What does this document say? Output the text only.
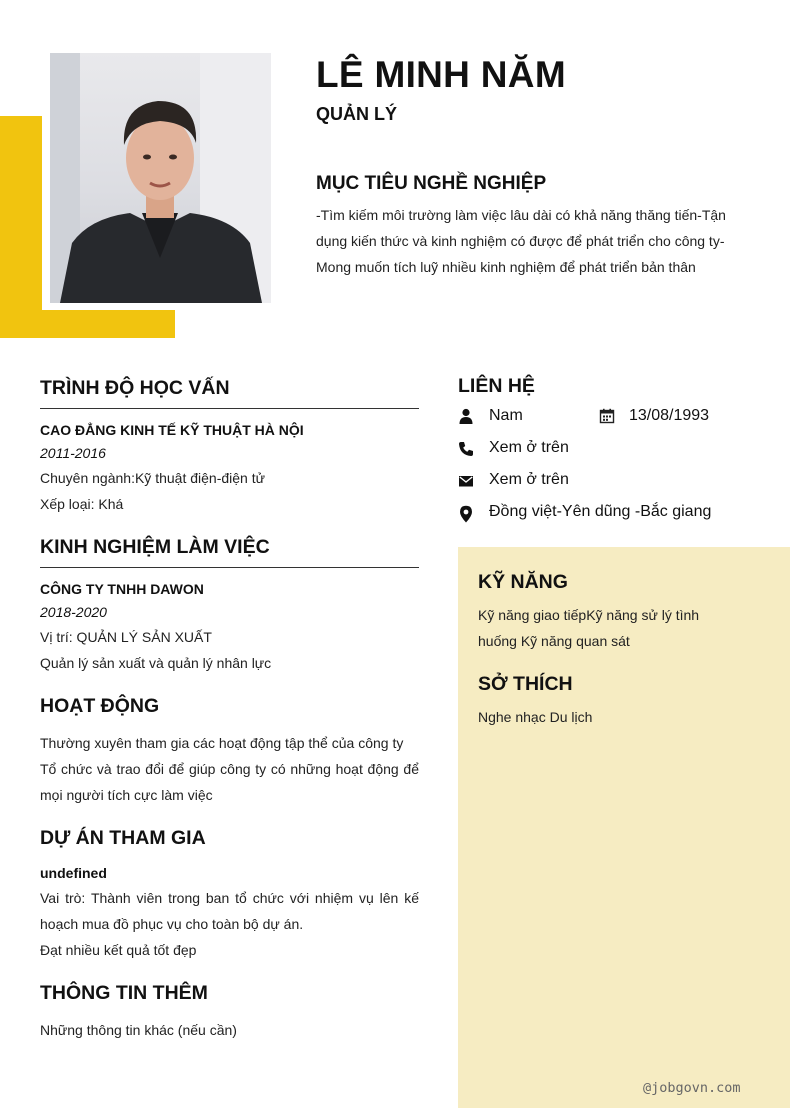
LÊ MINH NĂM
QUẢN LÝ
MỤC TIÊU NGHỀ NGHIỆP
-Tìm kiếm môi trường làm việc lâu dài có khả năng thăng tiến-Tận
dụng kiến thức và kinh nghiệm có được để phát triển cho công ty-
Mong muốn tích luỹ nhiều kinh nghiệm để phát triển bản thân
TRÌNH ĐỘ HỌC VẤN

CAO ĐẲNG KINH TẾ KỸ THUẬT HÀ NỘI

2011-2016

Chuyên ngành:Kỹ thuật điện-điện tử

Xếp loại: Khá

KINH NGHIỆM LÀM VIỆC

CÔNG TY TNHH DAWON

2018-2020

Vị trí: QUẢN LÝ SẢN XUẤT

Quản lý sản xuất và quản lý nhân lực

HOẠT ĐỘNG

Thường xuyên tham gia các hoạt động tập thể của công ty

Tổ chức và trao đổi để giúp công ty có những hoạt động để

mọi người tích cực làm việc

DỰ ÁN THAM GIA

undefined

Vai trò: Thành viên trong ban tổ chức với nhiệm vụ lên kế

hoạch mua đồ phục vụ cho toàn bộ dự án.

Đạt nhiều kết quả tốt đẹp

THÔNG TIN THÊM

Những thông tin khác (nếu cần)

LIÊN HỆ
Nam	13/08/1993
Xem ở trên
Xem ở trên
Đồng việt-Yên dũng -Bắc giang
KỸ NĂNG

Kỹ năng giao tiếpKỹ năng sử lý tình

huống Kỹ năng quan sát

SỞ THÍCH

Nghe nhạc Du lịch

@jobgovn.com
